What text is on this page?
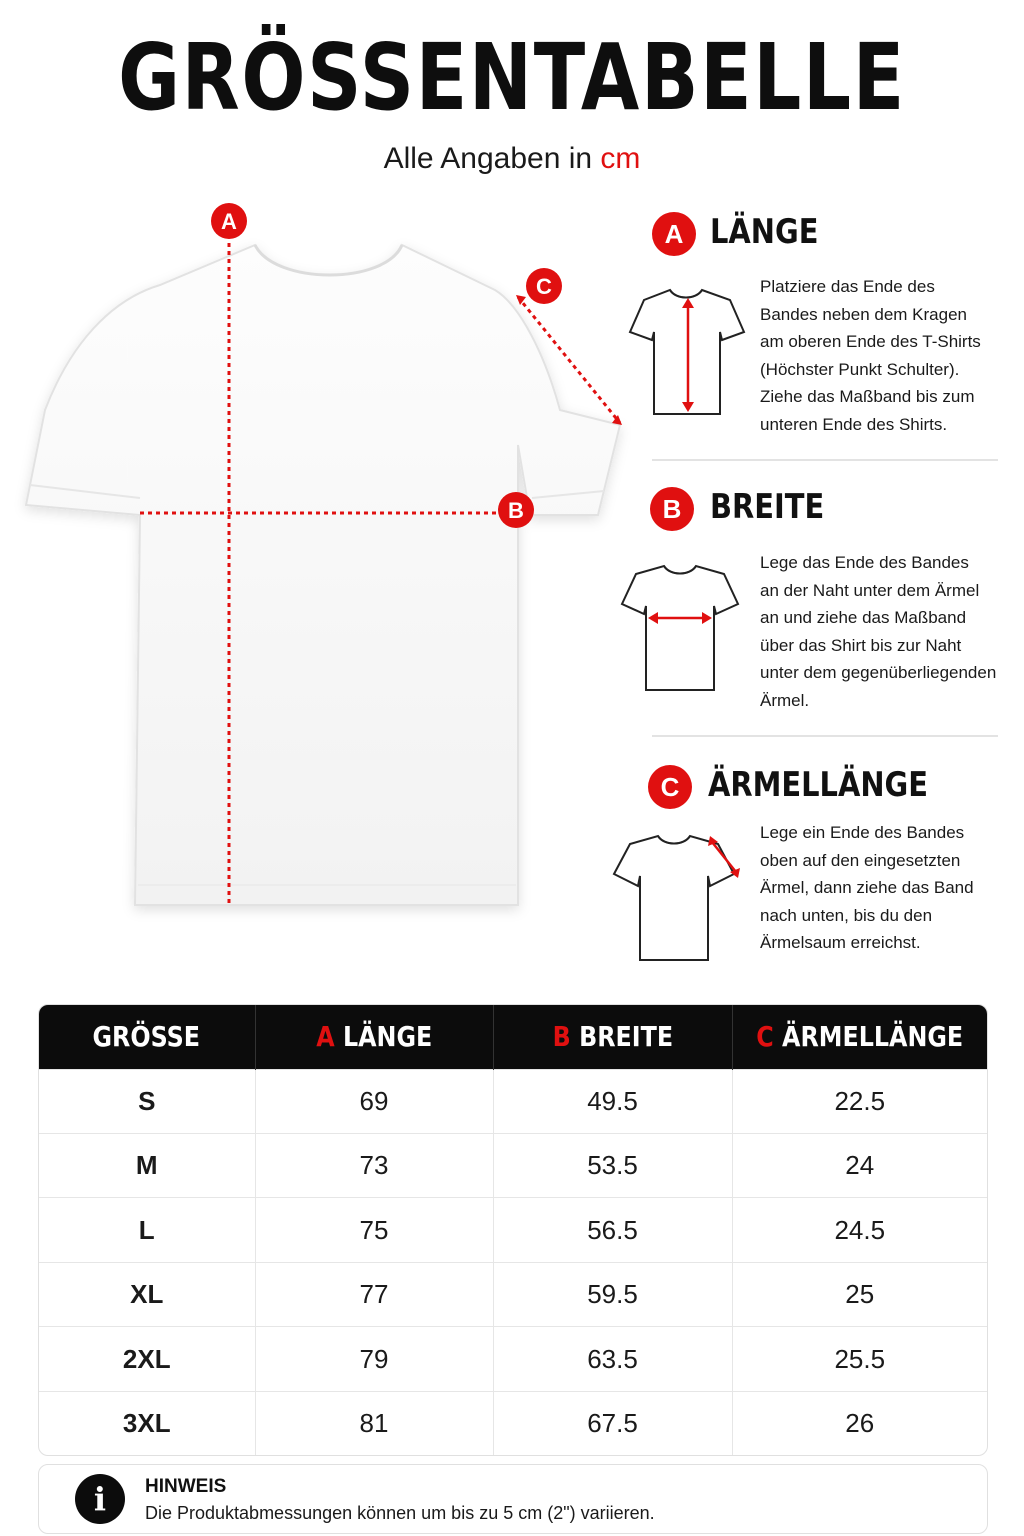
GRÖSSENTABELLE
Alle Angaben in cm
A
B
C
A LÄNGE
Platziere das Ende des
Bandes neben dem Kragen
am oberen Ende des T-Shirts
(Höchster Punkt Schulter).
Ziehe das Maßband bis zum
unteren Ende des Shirts.
B BREITE
Lege das Ende des Bandes
an der Naht unter dem Ärmel
an und ziehe das Maßband
über das Shirt bis zur Naht
unter dem gegenüberliegenden
Ärmel.
C ÄRMELLÄNGE
Lege ein Ende des Bandes
oben auf den eingesetzten
Ärmel, dann ziehe das Band
nach unten, bis du den
Ärmelsaum erreichst.
GRÖSSE	A LÄNGE	B BREITE	C ÄRMELLÄNGE
S	69	49.5	22.5
M	73	53.5	24
L	75	56.5	24.5
XL	77	59.5	25
2XL	79	63.5	25.5
3XL	81	67.5	26
i	HINWEIS
Die Produktabmessungen können um bis zu 5 cm (2") variieren.
